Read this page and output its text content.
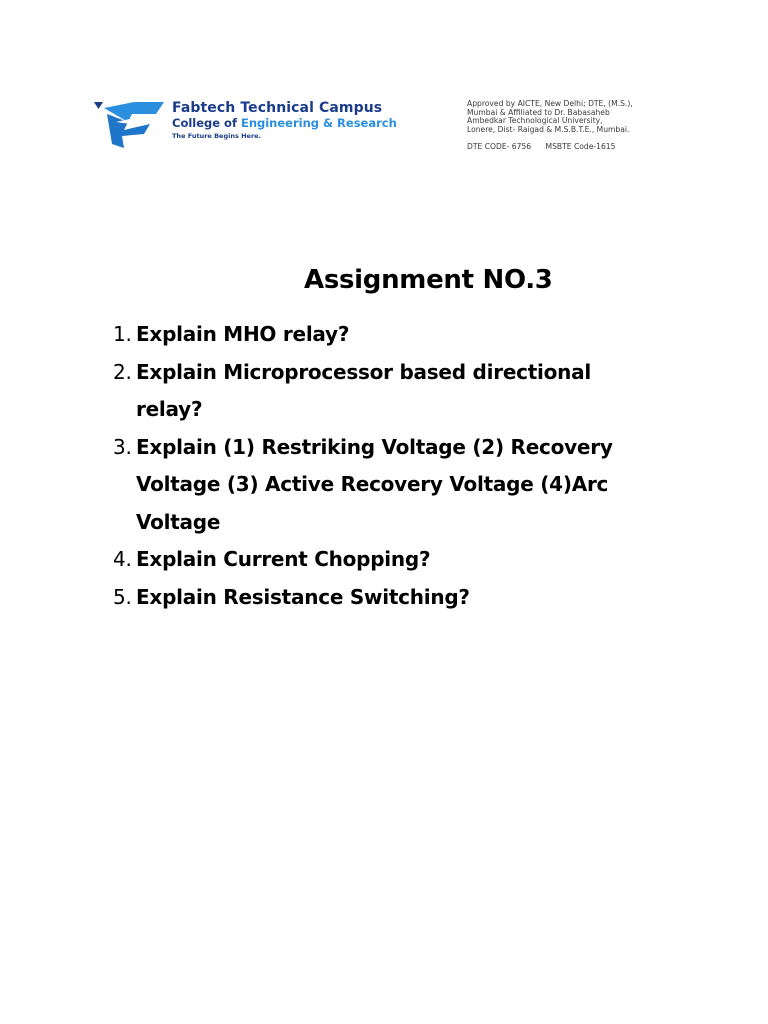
Fabtech Technical Campus
College of Engineering & Research
The Future Begins Here.
Approved by AICTE, New Delhi; DTE, (M.S.),
Mumbai & Affiliated to Dr. Babasaheb
Ambedkar Technological University,
Lonere, Dist- Raigad & M.S.B.T.E., Mumbai.
DTE CODE- 6756 MSBTE Code-1615
Assignment NO.3
1. Explain MHO relay?
2. Explain Microprocessor based directional relay?
3. Explain (1) Restriking Voltage (2) Recovery Voltage (3) Active Recovery Voltage (4)Arc Voltage
4. Explain Current Chopping?
5. Explain Resistance Switching?
